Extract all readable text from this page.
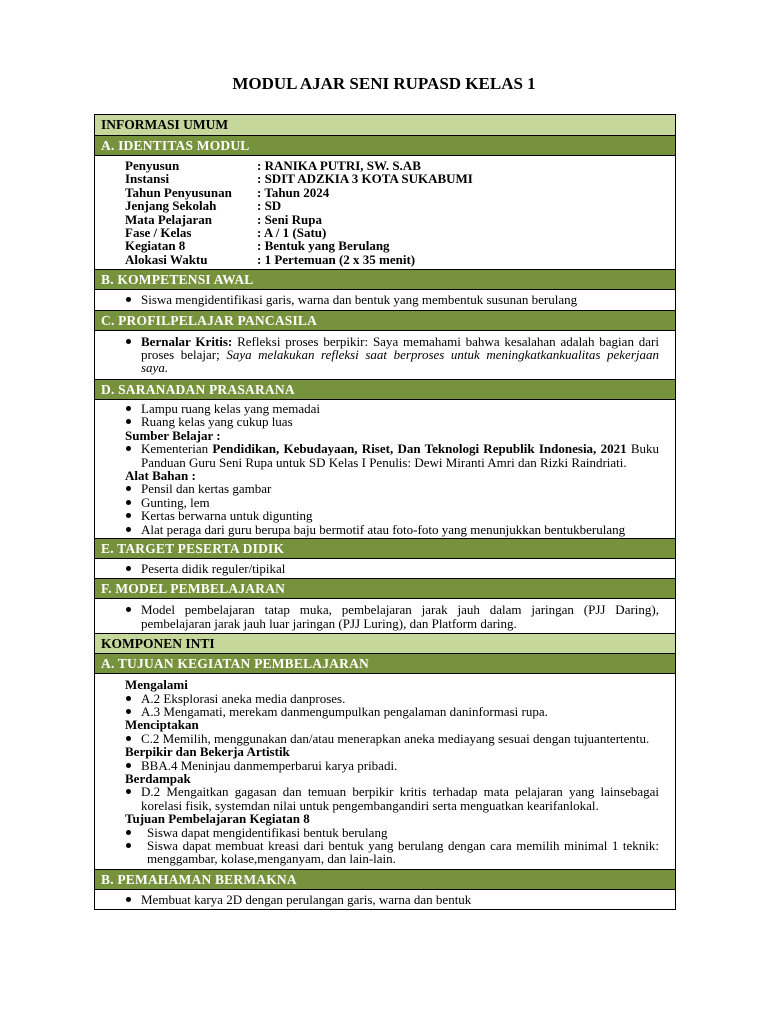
MODUL AJAR SENI RUPASD KELAS 1
INFORMASI UMUM
A. IDENTITAS MODUL
Penyusun	: RANIKA PUTRI, SW. S.AB
Instansi	: SDIT ADZKIA 3 KOTA SUKABUMI
Tahun Penyusunan	: Tahun 2024
Jenjang Sekolah	: SD
Mata Pelajaran	: Seni Rupa
Fase / Kelas	: A / 1 (Satu)
Kegiatan 8	: Bentuk yang Berulang
Alokasi Waktu	: 1 Pertemuan (2 x 35 menit)
B. KOMPETENSI AWAL
Siswa mengidentifikasi garis, warna dan bentuk yang membentuk susunan berulang
C. PROFILPELAJAR PANCASILA
Bernalar Kritis: Refleksi proses berpikir: Saya memahami bahwa kesalahan adalah bagian dari proses belajar; Saya melakukan refleksi saat berproses untuk meningkatkankualitas pekerjaan saya.
D. SARANADAN PRASARANA
Lampu ruang kelas yang memadai
Ruang kelas yang cukup luas
Sumber Belajar :
Kementerian Pendidikan, Kebudayaan, Riset, Dan Teknologi Republik Indonesia, 2021 Buku Panduan Guru Seni Rupa untuk SD Kelas I Penulis: Dewi Miranti Amri dan Rizki Raindriati.
Alat Bahan :
Pensil dan kertas gambar
Gunting, lem
Kertas berwarna untuk digunting
Alat peraga dari guru berupa baju bermotif atau foto-foto yang menunjukkan bentukberulang
E. TARGET PESERTA DIDIK
Peserta didik reguler/tipikal
F. MODEL PEMBELAJARAN
Model pembelajaran tatap muka, pembelajaran jarak jauh dalam jaringan (PJJ Daring), pembelajaran jarak jauh luar jaringan (PJJ Luring), dan Platform daring.
KOMPONEN INTI
A. TUJUAN KEGIATAN PEMBELAJARAN
Mengalami
A.2 Eksplorasi aneka media danproses.
A.3 Mengamati, merekam danmengumpulkan pengalaman daninformasi rupa.
Menciptakan
C.2 Memilih, menggunakan dan/atau menerapkan aneka mediayang sesuai dengan tujuantertentu.
Berpikir dan Bekerja Artistik
BBA.4 Meninjau danmemperbarui karya pribadi.
Berdampak
D.2 Mengaitkan gagasan dan temuan berpikir kritis terhadap mata pelajaran yang lainsebagai korelasi fisik, systemdan nilai untuk pengembangandiri serta menguatkan kearifanlokal.
Tujuan Pembelajaran Kegiatan 8
Siswa dapat mengidentifikasi bentuk berulang
Siswa dapat membuat kreasi dari bentuk yang berulang dengan cara memilih minimal 1 teknik: menggambar, kolase,menganyam, dan lain-lain.
B. PEMAHAMAN BERMAKNA
Membuat karya 2D dengan perulangan garis, warna dan bentuk
